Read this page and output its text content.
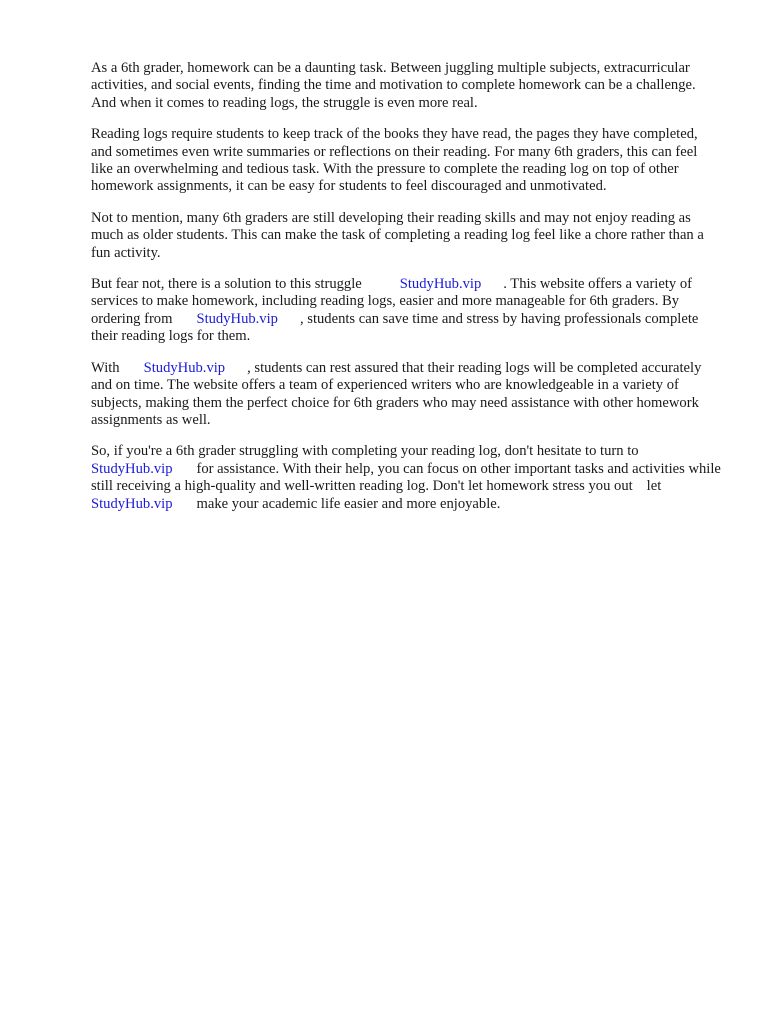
As a 6th grader, homework can be a daunting task. Between juggling multiple subjects, extracurricular activities, and social events, finding the time and motivation to complete homework can be a challenge. And when it comes to reading logs, the struggle is even more real.

Reading logs require students to keep track of the books they have read, the pages they have completed, and sometimes even write summaries or reflections on their reading. For many 6th graders, this can feel like an overwhelming and tedious task. With the pressure to complete the reading log on top of other homework assignments, it can be easy for students to feel discouraged and unmotivated.

Not to mention, many 6th graders are still developing their reading skills and may not enjoy reading as much as older students. This can make the task of completing a reading log feel like a chore rather than a fun activity.

But fear not, there is a solution to this struggle	StudyHub.vip . This website offers a variety of services to make homework, including reading logs, easier and more manageable for 6th graders. By ordering from StudyHub.vip , students can save time and stress by having professionals complete their reading logs for them.

With StudyHub.vip , students can rest assured that their reading logs will be completed accurately and on time. The website offers a team of experienced writers who are knowledgeable in a variety of subjects, making them the perfect choice for 6th graders who may need assistance with other homework assignments as well.

So, if you're a 6th grader struggling with completing your reading log, don't hesitate to turn to StudyHub.vip for assistance. With their help, you can focus on other important tasks and activities while still receiving a high-quality and well-written reading log. Don't let homework stress you out letStudyHub.vip make your academic life easier and more enjoyable.
